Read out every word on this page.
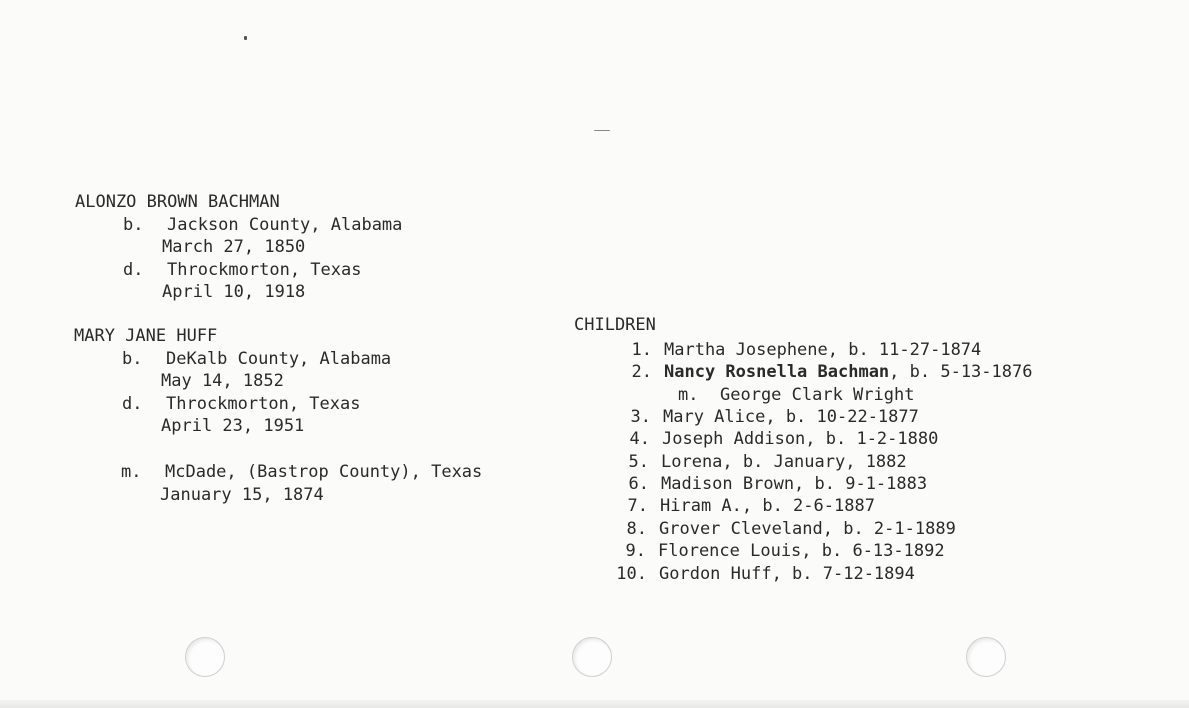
ALONZO BROWN BACHMAN
b. Jackson County, Alabama
March 27, 1850
d. Throckmorton, Texas
April 10, 1918
MARY JANE HUFF
b. DeKalb County, Alabama
May 14, 1852
d. Throckmorton, Texas
April 23, 1951
m. McDade, (Bastrop County), Texas
January 15, 1874
CHILDREN
1. Martha Josephene, b. 11-27-1874
2. Nancy Rosnella Bachman, b. 5-13-1876
m. George Clark Wright
3. Mary Alice, b. 10-22-1877
4. Joseph Addison, b. 1-2-1880
5. Lorena, b. January, 1882
6. Madison Brown, b. 9-1-1883
7. Hiram A., b. 2-6-1887
8. Grover Cleveland, b. 2-1-1889
9. Florence Louis, b. 6-13-1892
10. Gordon Huff, b. 7-12-1894
